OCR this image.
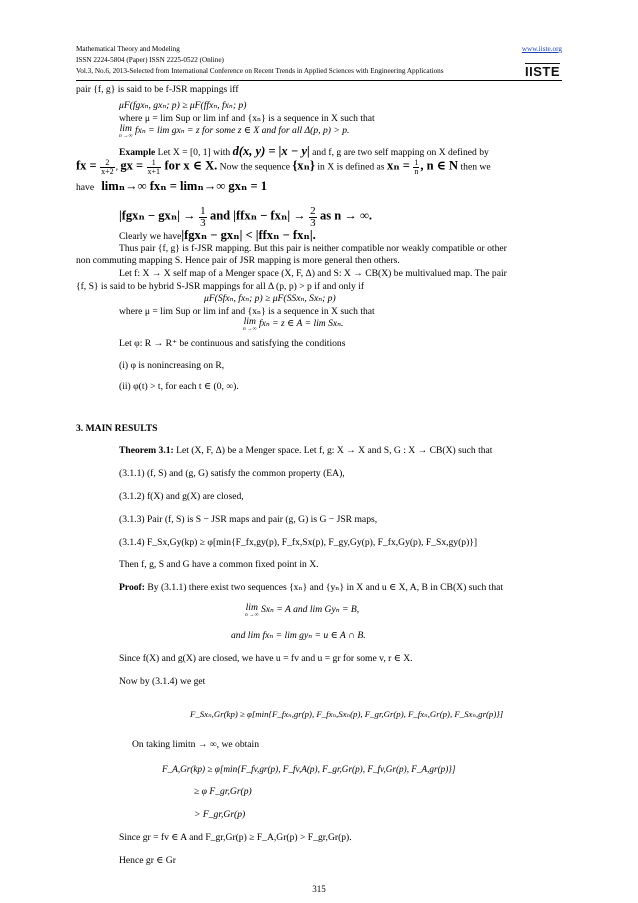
Mathematical Theory and Modeling
ISSN 2224-5804 (Paper) ISSN 2225-0522 (Online)
Vol.3, No.6, 2013-Selected from International Conference on Recent Trends in Applied Sciences with Engineering Applications
www.iiste.org
IISTE
pair {f, g} is said to be f-JSR mappings iff
μF(fgxₙ, gxₙ; p) ≥ μF(ffxₙ, fxₙ; p)
where μ = lim Sup or lim inf and {xₙ} is a sequence in X such that
lim
n →∞ fxₙ = lim gxₙ = z for some z ∈ X and for all Δ(p, p) > p.
Example Let X = [0, 1] with d(x, y) = |x − y| and f, g are two self mapping on X defined by
fx = $\frac{2}{x+2}$ , gx = $\frac{1}{x+1}$ for x ∈ X. Now the sequence {xₙ} in X is defined as $x_n = \frac{1}{n}$ , n ∈ N then we
have limₙ→∞ fxₙ = limₙ→∞ gxₙ = 1
$|fgx_n - gx_n| \to \frac{1}{3}$ and $|ffx_n - fx_n| \to \frac{2}{3}$ as n → ∞.
Clearly we have|fgxₙ − gxₙ| < |ffxₙ − fxₙ|.
Thus pair {f, g} is f-JSR mapping. But this pair is neither compatible nor weakly compatible or other
non commuting mapping S. Hence pair of JSR mapping is more general then others.
Let f: X → X self map of a Menger space (X, F, Δ) and S: X → CB(X) be multivalued map. The pair
{f, S} is said to be hybrid S-JSR mappings for all Δ (p, p) > p if and only if
μF(Sfxₙ, fxₙ; p) ≥ μF(SSxₙ, Sxₙ; p)
where μ = lim Sup or lim inf and {xₙ} is a sequence in X such that
lim
n →∞ fxₙ = z ∈ A = lim Sxₙ.
Let φ: R → R⁺ be continuous and satisfying the conditions
(i) φ is nonincreasing on R,
(ii) φ(t) > t, for each t ∈ (0, ∞).
3. MAIN RESULTS
Theorem 3.1: Let (X, F, Δ) be a Menger space. Let f, g: X → X and S, G : X → CB(X) such that
(3.1.1) (f, S) and (g, G) satisfy the common property (EA),
(3.1.2) f(X) and g(X) are closed,
(3.1.3) Pair (f, S) is S − JSR maps and pair (g, G) is G − JSR maps,
(3.1.4) F_Sx,Gy(kp) ≥ φ[min{F_fx,gy(p), F_fx,Sx(p), F_gy,Gy(p), F_fx,Gy(p), F_Sx,gy(p)}]
Then f, g, S and G have a common fixed point in X.
Proof: By (3.1.1) there exist two sequences {xₙ} and {yₙ} in X and u ∈ X, A, B in CB(X) such that
lim
n →∞ Sxₙ = A and lim Gyₙ = B,
and lim fxₙ = lim gyₙ = u ∈ A ∩ B.
Since f(X) and g(X) are closed, we have u = fv and u = gr for some v, r ∈ X.
Now by (3.1.4) we get
F_Sxₙ,Gr(kp) ≥ φ[min{F_fxₙ,gr(p), F_fxₙ,Sxₙ(p), F_gr,Gr(p), F_fxₙ,Gr(p), F_Sxₙ,gr(p)}]
On taking limitn → ∞, we obtain
F_A,Gr(kp) ≥ φ[min{F_fv,gr(p), F_fv,A(p), F_gr,Gr(p), F_fv,Gr(p), F_A,gr(p)}]
≥ φ F_gr,Gr(p)
> F_gr,Gr(p)
Since gr = fv ∈ A and F_gr,Gr(p) ≥ F_A,Gr(p) > F_gr,Gr(p).
Hence gr ∈ Gr
315
